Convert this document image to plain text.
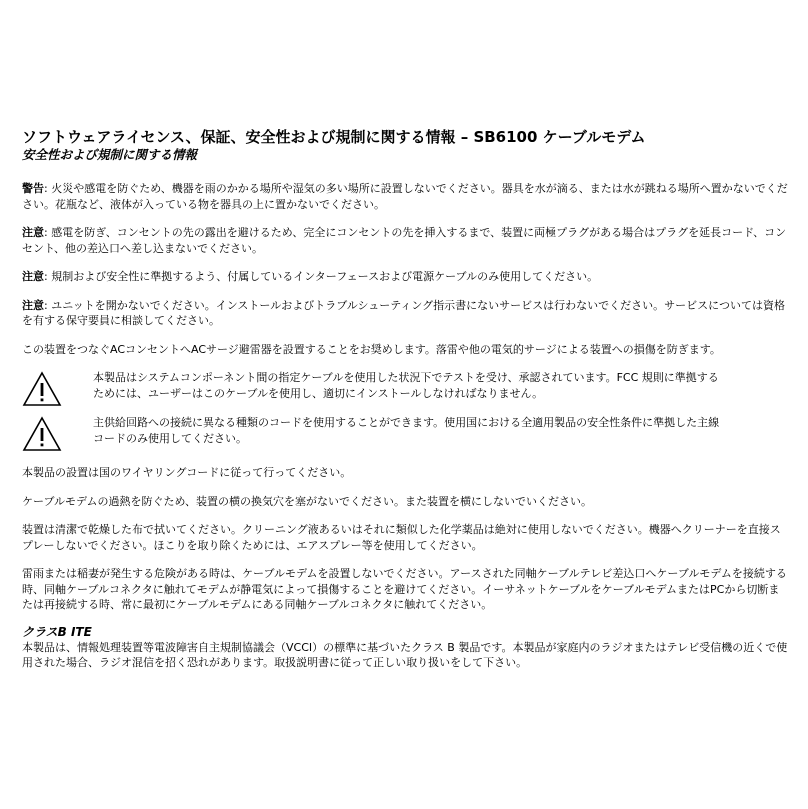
ソフトウェアライセンス、保証、安全性および規制に関する情報 – SB6100 ケーブルモデム
安全性および規制に関する情報

警告: 火災や感電を防ぐため、機器を雨のかかる場所や湿気の多い場所に設置しないでください。器具を水が滴る、または水が跳ねる場所へ置かないでください。花瓶など、液体が入っている物を器具の上に置かないでください。

注意: 感電を防ぎ、コンセントの先の露出を避けるため、完全にコンセントの先を挿入するまで、装置に両極プラグがある場合はプラグを延長コード、コンセント、他の差込口へ差し込まないでください。

注意: 規制および安全性に準拠するよう、付属しているインターフェースおよび電源ケーブルのみ使用してください。

注意: ユニットを開かないでください。インストールおよびトラブルシューティング指示書にないサービスは行わないでください。サービスについては資格を有する保守要員に相談してください。

この装置をつなぐACコンセントへACサージ避雷器を設置することをお奨めします。落雷や他の電気的サージによる装置への損傷を防ぎます。

本製品はシステムコンポーネント間の指定ケーブルを使用した状況下でテストを受け、承認されています。FCC 規則に準拠するためには、ユーザーはこのケーブルを使用し、適切にインストールしなければなりません。
主供給回路への接続に異なる種類のコードを使用することができます。使用国における全適用製品の安全性条件に準拠した主線コードのみ使用してください。

本製品の設置は国のワイヤリングコードに従って行ってください。

ケーブルモデムの過熱を防ぐため、装置の横の換気穴を塞がないでください。また装置を横にしないでいください。

装置は清潔で乾燥した布で拭いてください。クリーニング液あるいはそれに類似した化学薬品は絶対に使用しないでください。機器へクリーナーを直接スプレーしないでください。ほこりを取り除くためには、エアスプレー等を使用してください。

雷雨または稲妻が発生する危険がある時は、ケーブルモデムを設置しないでください。アースされた同軸ケーブルテレビ差込口へケーブルモデムを接続する時、同軸ケーブルコネクタに触れてモデムが静電気によって損傷することを避けてください。イーサネットケーブルをケーブルモデムまたはPCから切断または再接続する時、常に最初にケーブルモデムにある同軸ケーブルコネクタに触れてください。

クラスB ITE

本製品は、情報処理装置等電波障害自主規制協議会（VCCI）の標準に基づいたクラス B 製品です。本製品が家庭内のラジオまたはテレビ受信機の近くで使用された場合、ラジオ混信を招く恐れがあります。取扱説明書に従って正しい取り扱いをして下さい。
